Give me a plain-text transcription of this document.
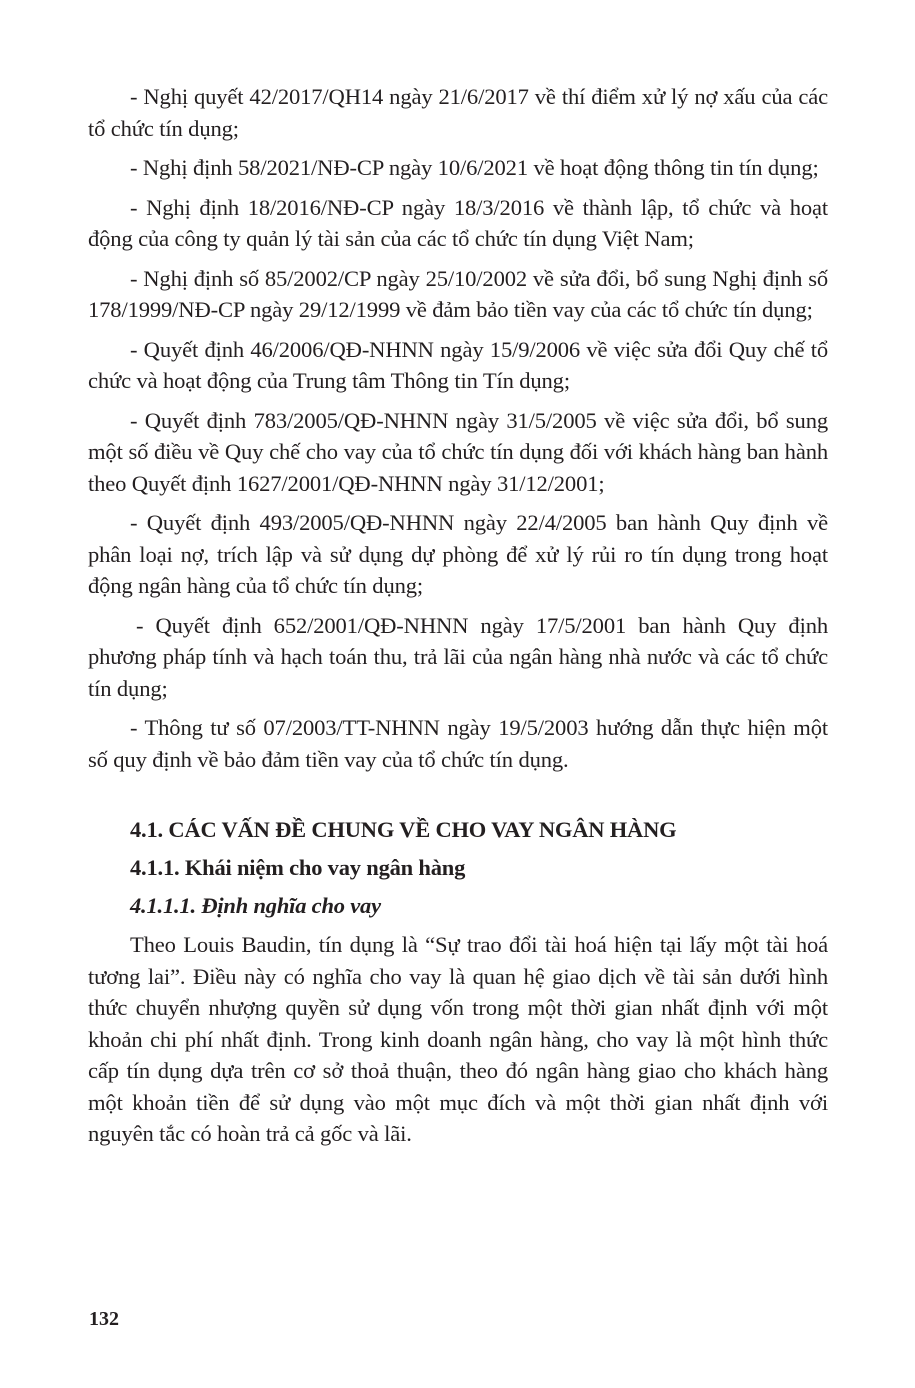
- Nghị quyết 42/2017/QH14 ngày 21/6/2017 về thí điểm xử lý nợ xấu của các tổ chức tín dụng;

- Nghị định 58/2021/NĐ-CP ngày 10/6/2021 về hoạt động thông tin tín dụng;

- Nghị định 18/2016/NĐ-CP ngày 18/3/2016 về thành lập, tổ chức và hoạt động của công ty quản lý tài sản của các tổ chức tín dụng Việt Nam;

- Nghị định số 85/2002/CP ngày 25/10/2002 về sửa đổi, bổ sung Nghị định số 178/1999/NĐ-CP ngày 29/12/1999 về đảm bảo tiền vay của các tổ chức tín dụng;

- Quyết định 46/2006/QĐ-NHNN ngày 15/9/2006 về việc sửa đổi Quy chế tổ chức và hoạt động của Trung tâm Thông tin Tín dụng;

- Quyết định 783/2005/QĐ-NHNN ngày 31/5/2005 về việc sửa đổi, bổ sung một số điều về Quy chế cho vay của tổ chức tín dụng đối với khách hàng ban hành theo Quyết định 1627/2001/QĐ-NHNN ngày 31/12/2001;

- Quyết định 493/2005/QĐ-NHNN ngày 22/4/2005 ban hành Quy định về phân loại nợ, trích lập và sử dụng dự phòng để xử lý rủi ro tín dụng trong hoạt động ngân hàng của tổ chức tín dụng;

- Quyết định 652/2001/QĐ-NHNN ngày 17/5/2001 ban hành Quy định phương pháp tính và hạch toán thu, trả lãi của ngân hàng nhà nước và các tổ chức tín dụng;

- Thông tư số 07/2003/TT-NHNN ngày 19/5/2003 hướng dẫn thực hiện một số quy định về bảo đảm tiền vay của tổ chức tín dụng.

4.1. CÁC VẤN ĐỀ CHUNG VỀ CHO VAY NGÂN HÀNG
4.1.1. Khái niệm cho vay ngân hàng
4.1.1.1. Định nghĩa cho vay

Theo Louis Baudin, tín dụng là “Sự trao đổi tài hoá hiện tại lấy một tài hoá tương lai”. Điều này có nghĩa cho vay là quan hệ giao dịch về tài sản dưới hình thức chuyển nhượng quyền sử dụng vốn trong một thời gian nhất định với một khoản chi phí nhất định. Trong kinh doanh ngân hàng, cho vay là một hình thức cấp tín dụng dựa trên cơ sở thoả thuận, theo đó ngân hàng giao cho khách hàng một khoản tiền để sử dụng vào một mục đích và một thời gian nhất định với nguyên tắc có hoàn trả cả gốc và lãi.

132
